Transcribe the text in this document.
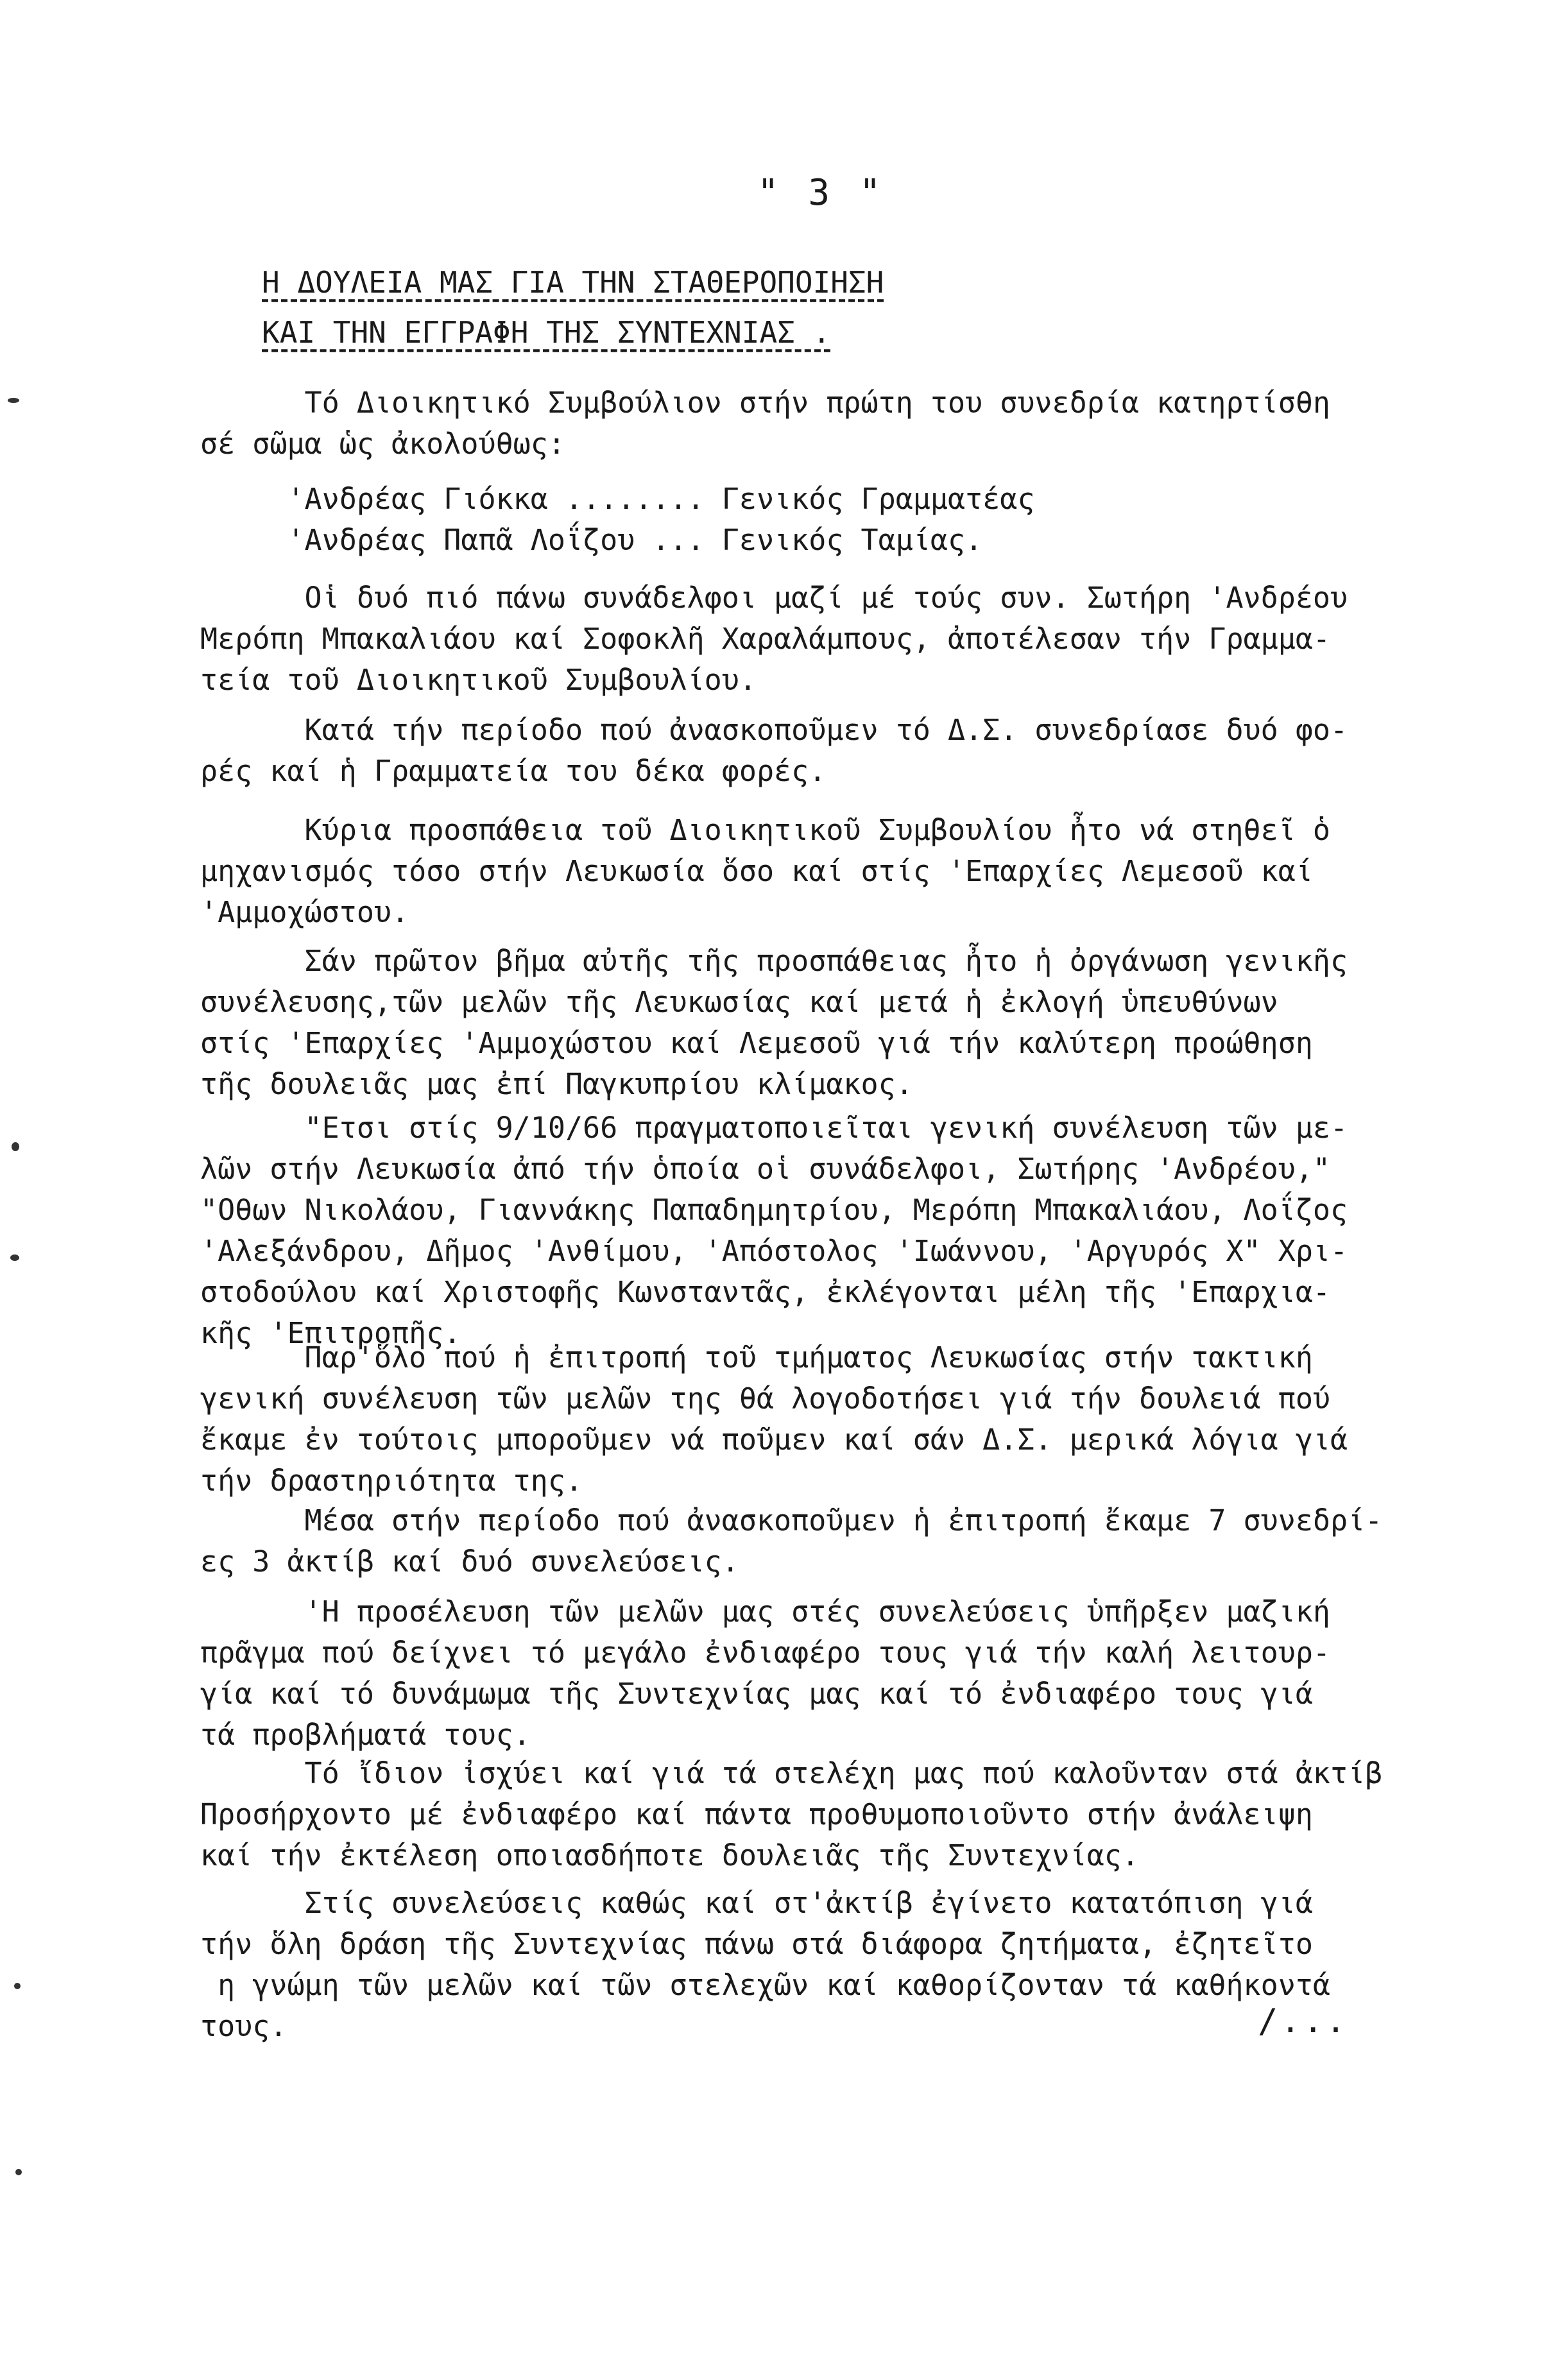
" 3 "
Η ΔΟΥΛΕΙΑ ΜΑΣ ΓΙΑ ΤΗΝ ΣΤΑΘΕΡΟΠΟΙΗΣΗ
ΚΑΙ ΤΗΝ ΕΓΓΡΑΦΗ ΤΗΣ ΣΥΝΤΕΧΝΙΑΣ .
Τό Διοικητικό Συμβούλιον στήν πρώτη του συνεδρία κατηρτίσθη
σέ σῶμα ὡς ἀκολούθως:
'Ανδρέας Γιόκκα ........ Γενικός Γραμματέας
'Ανδρέας Παπᾶ Λοΐζου ... Γενικός Ταμίας.
Οἱ δυό πιό πάνω συνάδελφοι μαζί μέ τούς συν. Σωτήρη 'Ανδρέου
Μερόπη Μπακαλιάου καί Σοφοκλῆ Χαραλάμπους, ἀποτέλεσαν τήν Γραμμα-
τεία τοῦ Διοικητικοῦ Συμβουλίου.
Κατά τήν περίοδο πού ἀνασκοποῦμεν τό Δ.Σ. συνεδρίασε δυό φο-
ρές καί ἡ Γραμματεία του δέκα φορές.
Κύρια προσπάθεια τοῦ Διοικητικοῦ Συμβουλίου ἦτο νά στηθεῖ ὁ
μηχανισμός τόσο στήν Λευκωσία ὅσο καί στίς 'Επαρχίες Λεμεσοῦ καί
'Αμμοχώστου.
Σάν πρῶτον βῆμα αὐτῆς τῆς προσπάθειας ἦτο ἡ ὀργάνωση γενικῆς
συνέλευσης,τῶν μελῶν τῆς Λευκωσίας καί μετά ἡ ἐκλογή ὑπευθύνων
στίς 'Επαρχίες 'Αμμοχώστου καί Λεμεσοῦ γιά τήν καλύτερη προώθηση
τῆς δουλειᾶς μας ἐπί Παγκυπρίου κλίμακος.
"Ετσι στίς 9/10/66 πραγματοποιεῖται γενική συνέλευση τῶν με-
λῶν στήν Λευκωσία ἀπό τήν ὁποία οἱ συνάδελφοι, Σωτήρης 'Ανδρέου,"
"Οθων Νικολάου, Γιαννάκης Παπαδημητρίου, Μερόπη Μπακαλιάου, Λοΐζος
'Αλεξάνδρου, Δῆμος 'Ανθίμου, 'Απόστολος 'Ιωάννου, 'Αργυρός Χ" Χρι-
στοδούλου καί Χριστοφῆς Κωνσταντᾶς, ἐκλέγονται μέλη τῆς 'Επαρχια-
κῆς 'Επιτροπῆς.
Παρ'ὅλο πού ἡ ἐπιτροπή τοῦ τμήματος Λευκωσίας στήν τακτική
γενική συνέλευση τῶν μελῶν της θά λογοδοτήσει γιά τήν δουλειά πού
ἔκαμε ἐν τούτοις μποροῦμεν νά ποῦμεν καί σάν Δ.Σ. μερικά λόγια γιά
τήν δραστηριότητα της.
Μέσα στήν περίοδο πού ἀνασκοποῦμεν ἡ ἐπιτροπή ἔκαμε 7 συνεδρί-
ες 3 ἀκτίβ καί δυό συνελεύσεις.
'Η προσέλευση τῶν μελῶν μας στές συνελεύσεις ὑπῆρξεν μαζική
πρᾶγμα πού δείχνει τό μεγάλο ἐνδιαφέρο τους γιά τήν καλή λειτουρ-
γία καί τό δυνάμωμα τῆς Συντεχνίας μας καί τό ἐνδιαφέρο τους γιά
τά προβλήματά τους.
Τό ἴδιον ἰσχύει καί γιά τά στελέχη μας πού καλοῦνταν στά ἀκτίβ
Προσήρχοντο μέ ἐνδιαφέρο καί πάντα προθυμοποιοῦντο στήν ἀνάλειψη
καί τήν ἐκτέλεση οποιασδήποτε δουλειᾶς τῆς Συντεχνίας.
Στίς συνελεύσεις καθώς καί στ'ἀκτίβ ἐγίνετο κατατόπιση γιά
τήν ὅλη δράση τῆς Συντεχνίας πάνω στά διάφορα ζητήματα, ἐζητεῖτο
η γνώμη τῶν μελῶν καί τῶν στελεχῶν καί καθορίζονταν τά καθήκοντά
τους.	/...
